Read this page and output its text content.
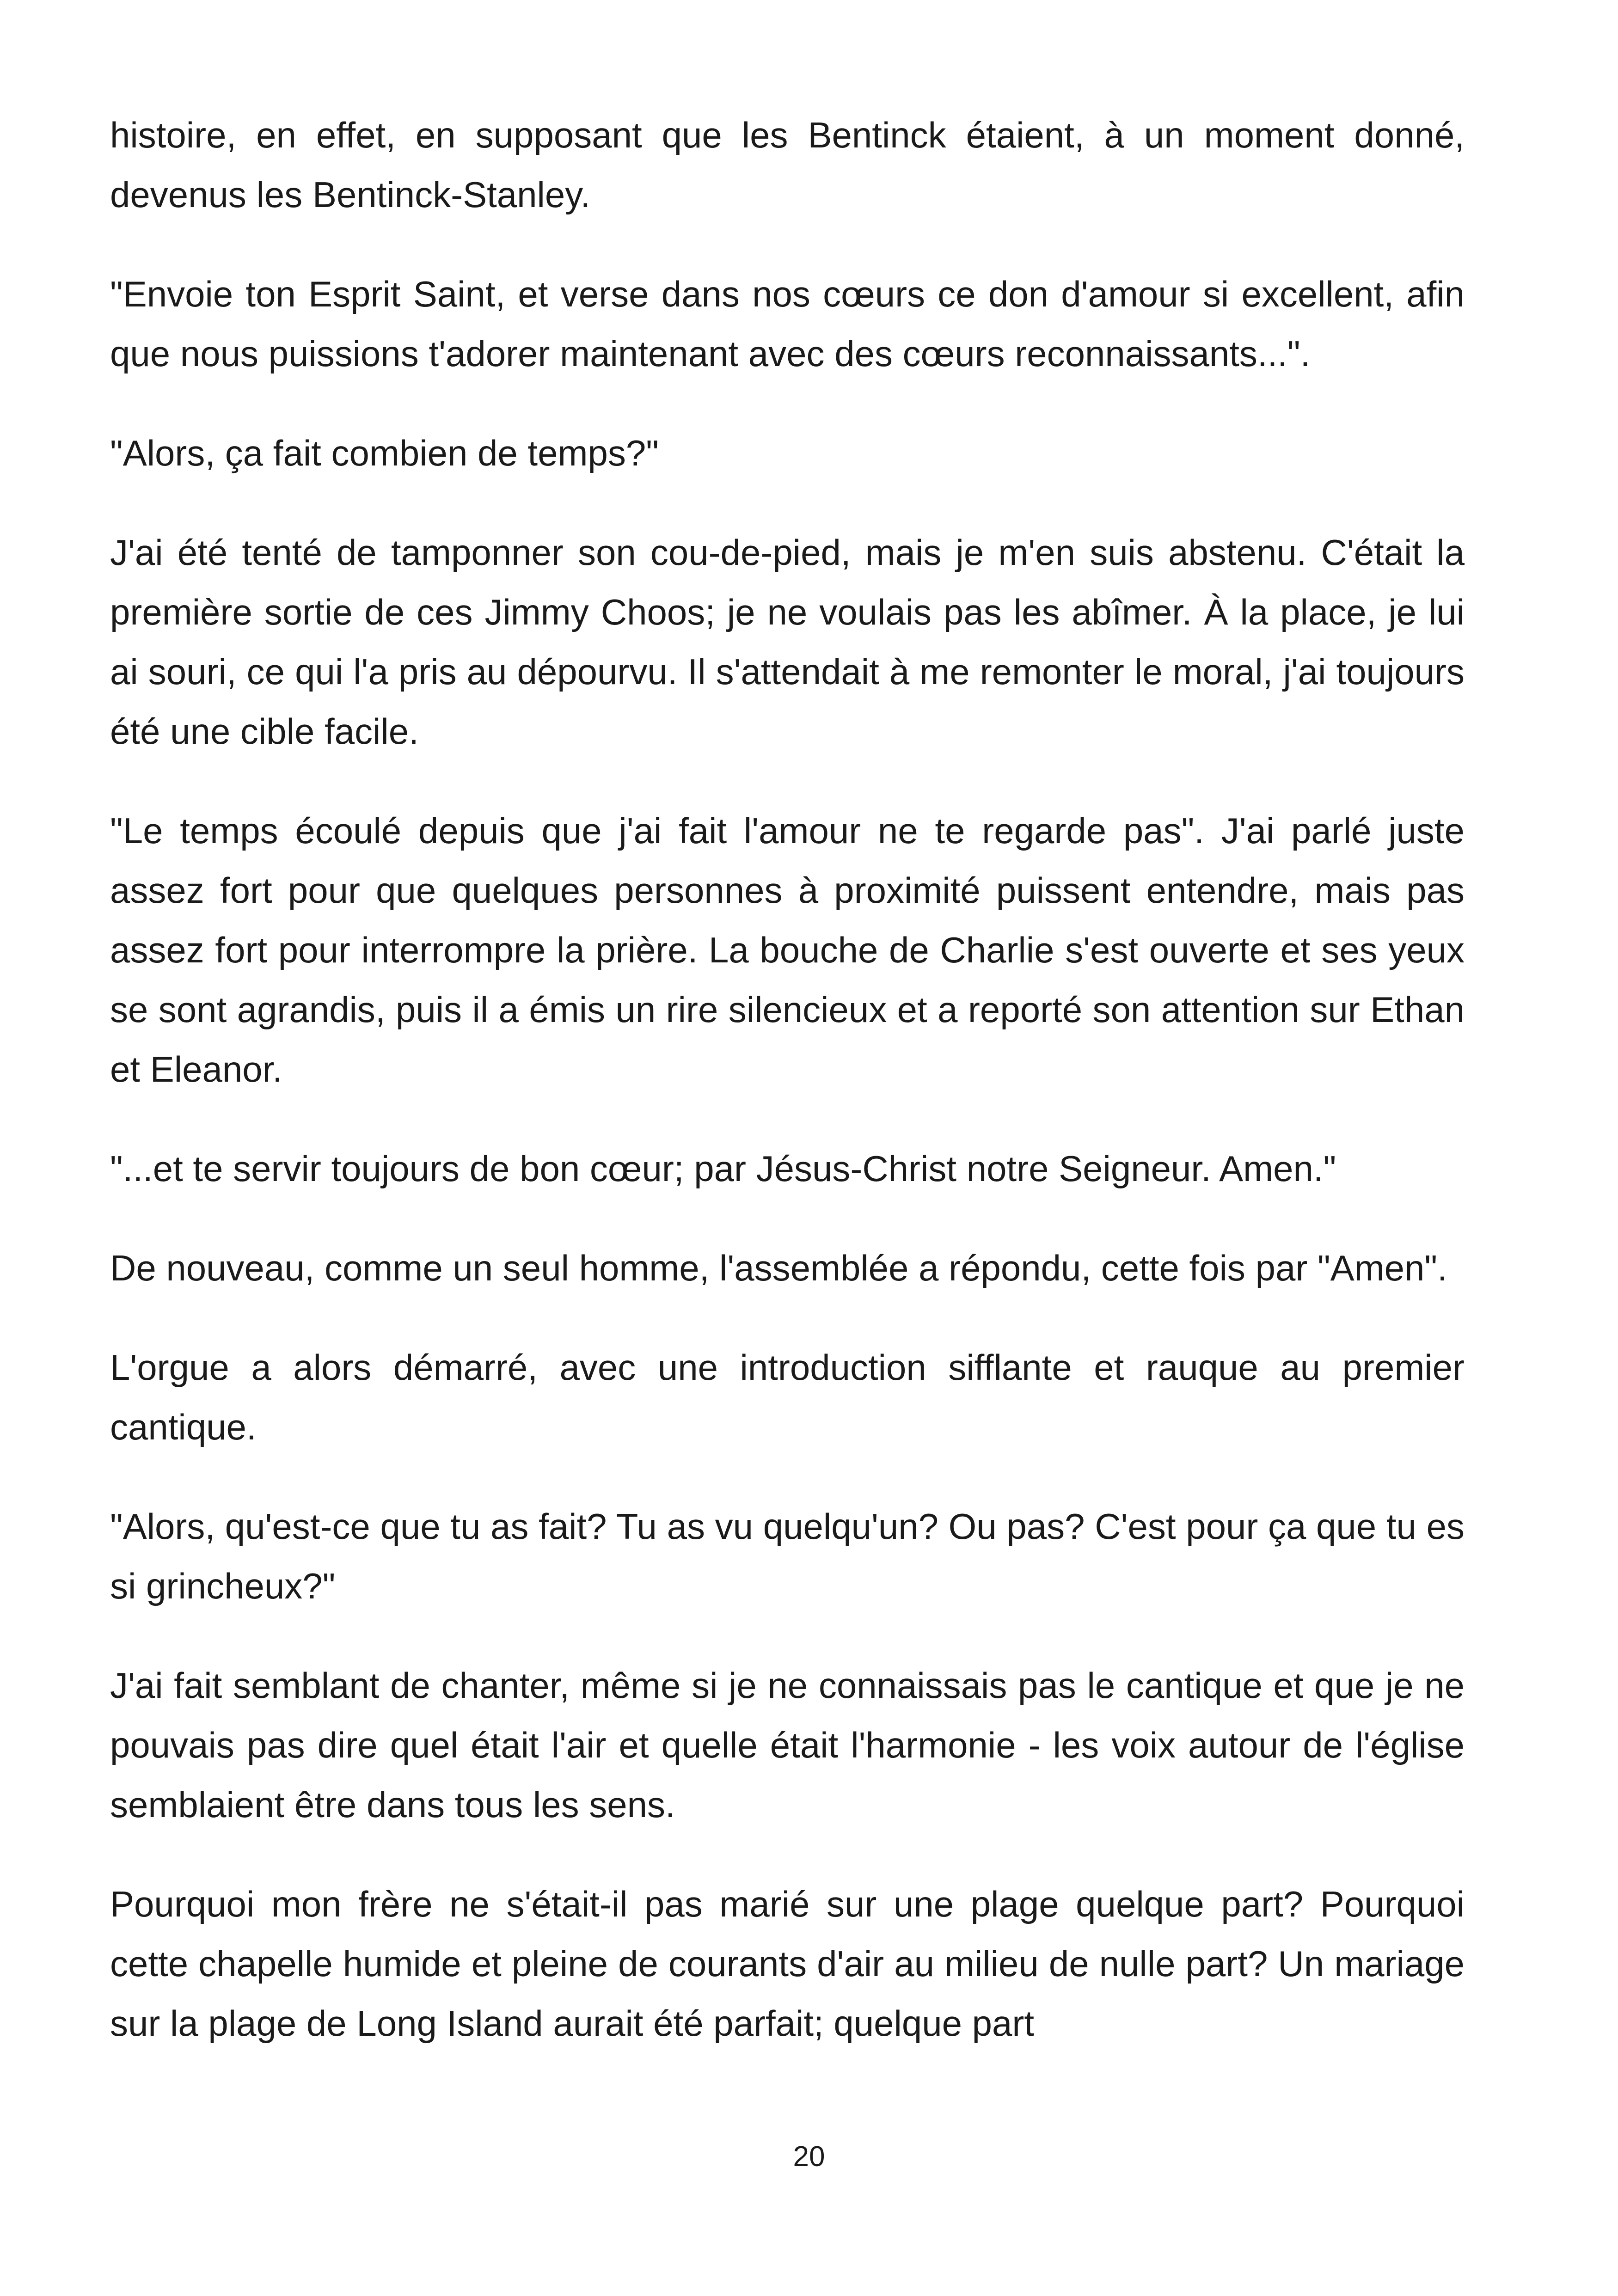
histoire, en effet, en supposant que les Bentinck étaient, à un moment donné, devenus les Bentinck-Stanley.

"Envoie ton Esprit Saint, et verse dans nos cœurs ce don d'amour si excellent, afin que nous puissions t'adorer maintenant avec des cœurs reconnaissants...".

"Alors, ça fait combien de temps?"

J'ai été tenté de tamponner son cou-de-pied, mais je m'en suis abstenu. C'était la première sortie de ces Jimmy Choos; je ne voulais pas les abîmer. À la place, je lui ai souri, ce qui l'a pris au dépourvu. Il s'attendait à me remonter le moral, j'ai toujours été une cible facile.

"Le temps écoulé depuis que j'ai fait l'amour ne te regarde pas". J'ai parlé juste assez fort pour que quelques personnes à proximité puissent entendre, mais pas assez fort pour interrompre la prière. La bouche de Charlie s'est ouverte et ses yeux se sont agrandis, puis il a émis un rire silencieux et a reporté son attention sur Ethan et Eleanor.

"...et te servir toujours de bon cœur; par Jésus-Christ notre Seigneur. Amen."

De nouveau, comme un seul homme, l'assemblée a répondu, cette fois par "Amen".

L'orgue a alors démarré, avec une introduction sifflante et rauque au premier cantique.

"Alors, qu'est-ce que tu as fait? Tu as vu quelqu'un? Ou pas? C'est pour ça que tu es si grincheux?"

J'ai fait semblant de chanter, même si je ne connaissais pas le cantique et que je ne pouvais pas dire quel était l'air et quelle était l'harmonie - les voix autour de l'église semblaient être dans tous les sens.

Pourquoi mon frère ne s'était-il pas marié sur une plage quelque part? Pourquoi cette chapelle humide et pleine de courants d'air au milieu de nulle part? Un mariage sur la plage de Long Island aurait été parfait; quelque part

20
